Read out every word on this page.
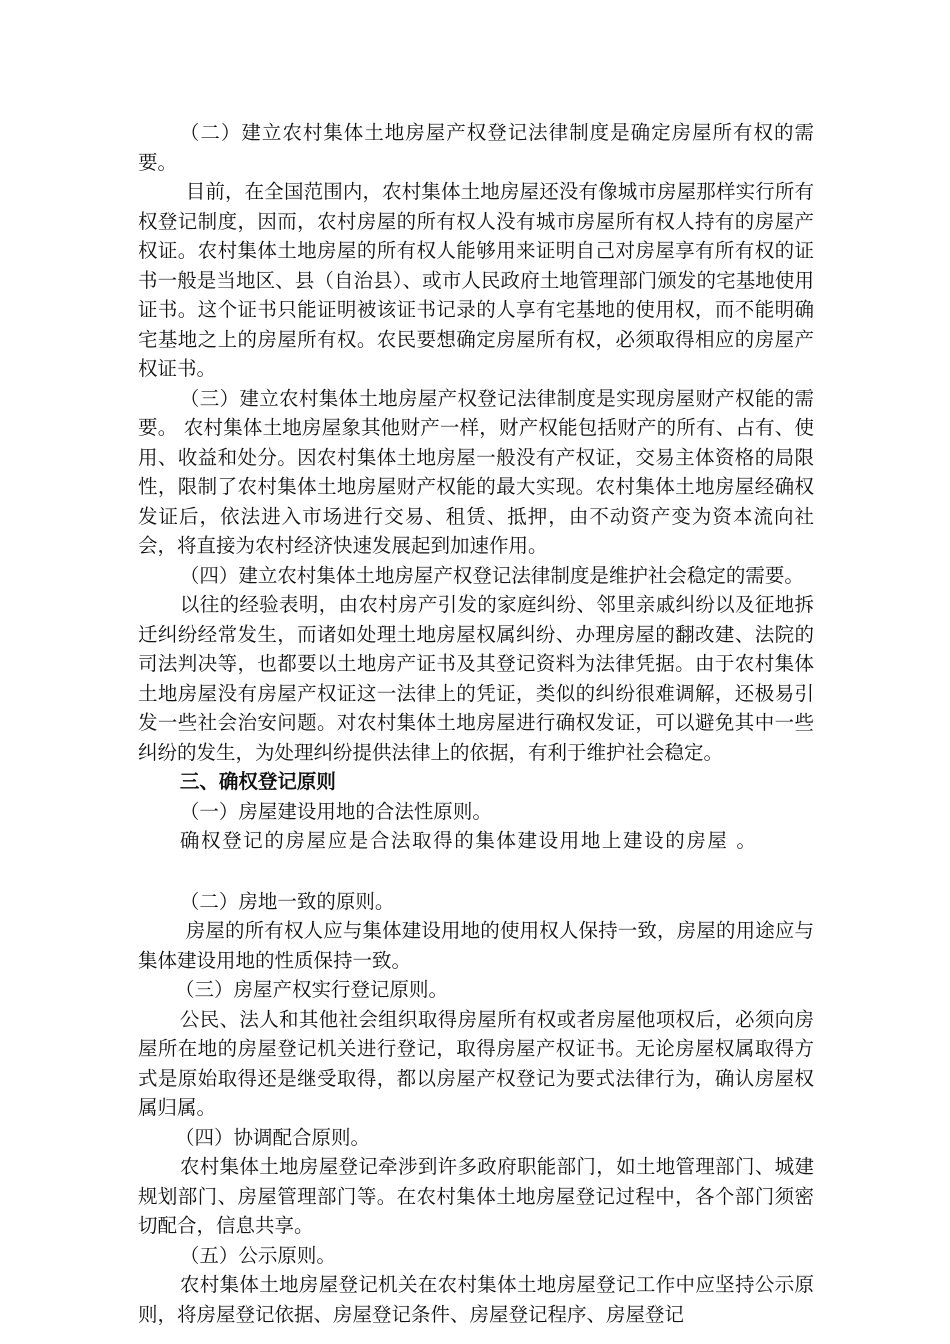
（二）建立农村集体土地房屋产权登记法律制度是确定房屋所有权的需要。

目前，在全国范围内，农村集体土地房屋还没有像城市房屋那样实行所有权登记制度，因而，农村房屋的所有权人没有城市房屋所有权人持有的房屋产权证。农村集体土地房屋的所有权人能够用来证明自己对房屋享有所有权的证书一般是当地区、县（自治县）、或市人民政府土地管理部门颁发的宅基地使用证书。这个证书只能证明被该证书记录的人享有宅基地的使用权，而不能明确宅基地之上的房屋所有权。农民要想确定房屋所有权，必须取得相应的房屋产权证书。

（三）建立农村集体土地房屋产权登记法律制度是实现房屋财产权能的需要。 农村集体土地房屋象其他财产一样，财产权能包括财产的所有、占有、使用、收益和处分。因农村集体土地房屋一般没有产权证，交易主体资格的局限性，限制了农村集体土地房屋财产权能的最大实现。农村集体土地房屋经确权发证后，依法进入市场进行交易、租赁、抵押，由不动资产变为资本流向社会，将直接为农村经济快速发展起到加速作用。

（四）建立农村集体土地房屋产权登记法律制度是维护社会稳定的需要。

以往的经验表明，由农村房产引发的家庭纠纷、邻里亲戚纠纷以及征地拆迁纠纷经常发生，而诸如处理土地房屋权属纠纷、办理房屋的翻改建、法院的司法判决等，也都要以土地房产证书及其登记资料为法律凭据。由于农村集体土地房屋没有房屋产权证这一法律上的凭证，类似的纠纷很难调解，还极易引发一些社会治安问题。对农村集体土地房屋进行确权发证，可以避免其中一些纠纷的发生，为处理纠纷提供法律上的依据，有利于维护社会稳定。

三、确权登记原则

（一）房屋建设用地的合法性原则。

确权登记的房屋应是合法取得的集体建设用地上建设的房屋 。

（二）房地一致的原则。

房屋的所有权人应与集体建设用地的使用权人保持一致，房屋的用途应与集体建设用地的性质保持一致。

（三）房屋产权实行登记原则。

公民、法人和其他社会组织取得房屋所有权或者房屋他项权后，必须向房屋所在地的房屋登记机关进行登记，取得房屋产权证书。无论房屋权属取得方式是原始取得还是继受取得，都以房屋产权登记为要式法律行为，确认房屋权属归属。

（四）协调配合原则。

农村集体土地房屋登记牵涉到许多政府职能部门，如土地管理部门、城建规划部门、房屋管理部门等。在农村集体土地房屋登记过程中，各个部门须密切配合，信息共享。

（五）公示原则。

农村集体土地房屋登记机关在农村集体土地房屋登记工作中应坚持公示原则，将房屋登记依据、房屋登记条件、房屋登记程序、房屋登记
